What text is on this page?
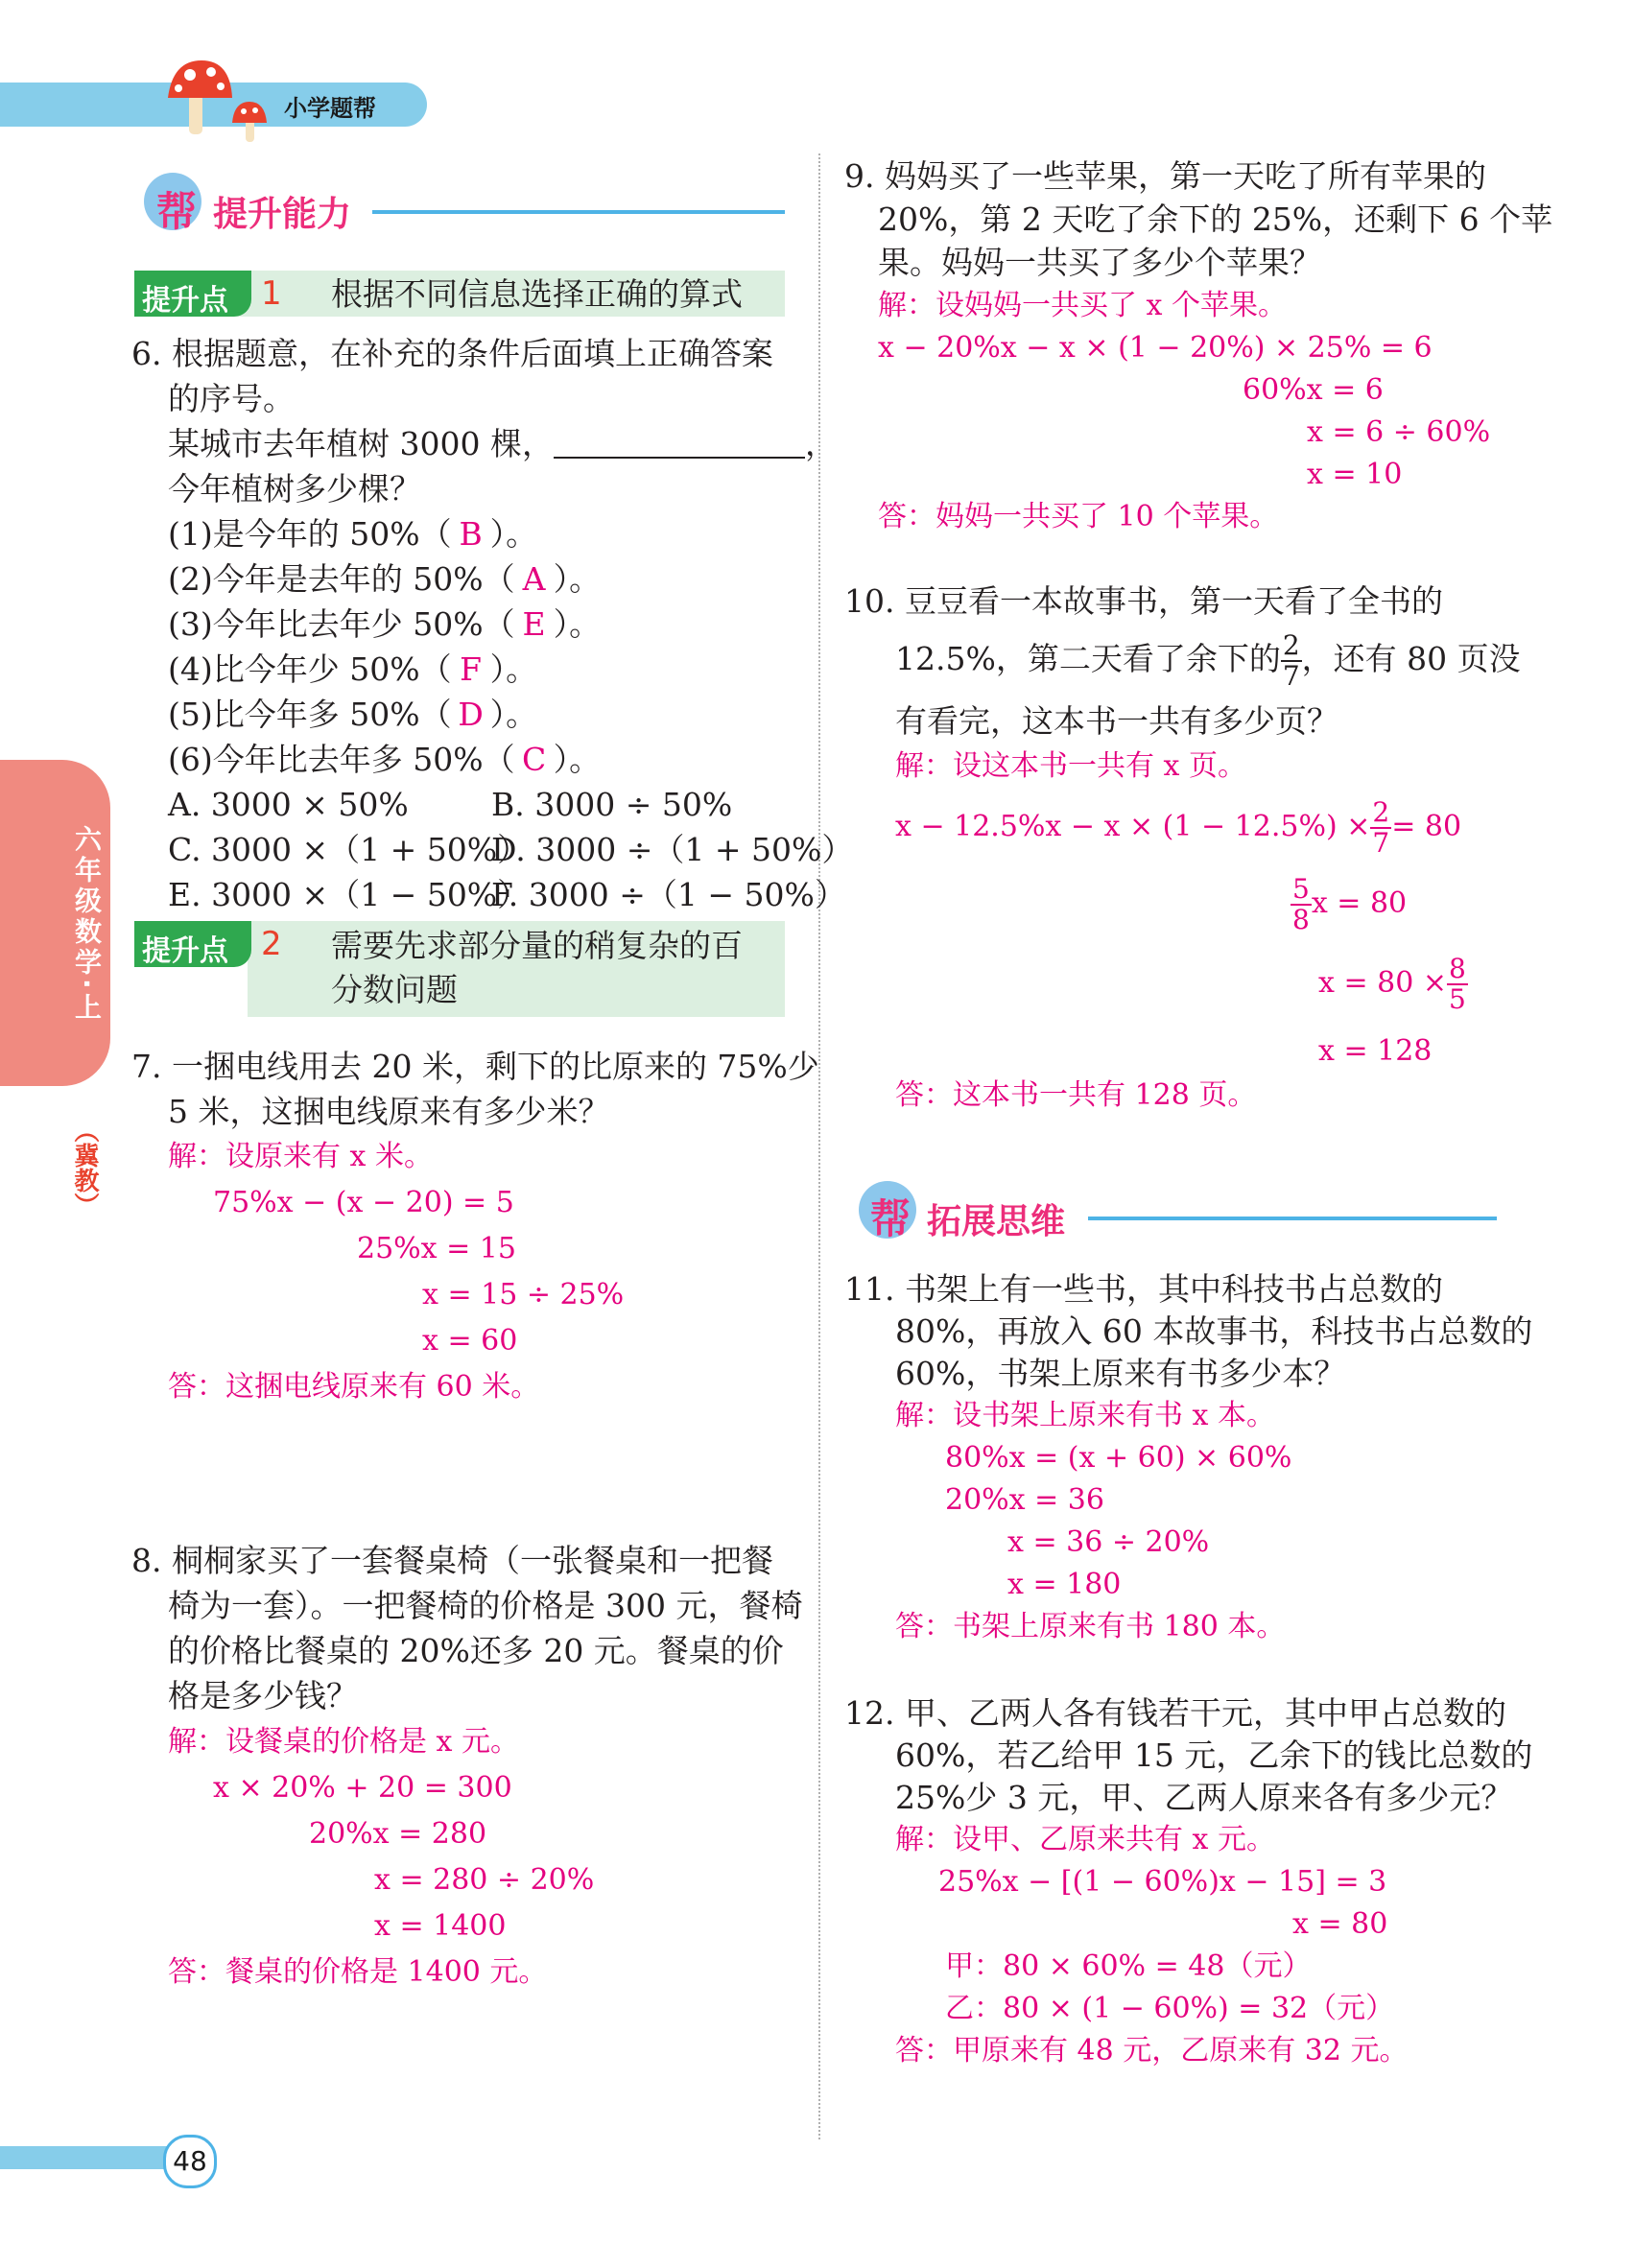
小学题帮
六年级数学·上
（冀教）
帮 提升能力
提升点 1 根据不同信息选择正确的算式
6. 根据题意，在补充的条件后面填上正确答案
的序号。
某城市去年植树 3000 棵，	，
今年植树多少棵？
(1)是今年的 50%（ B ）。
(2)今年是去年的 50%（ A ）。
(3)今年比去年少 50%（ E ）。
(4)比今年少 50%（ F ）。
(5)比今年多 50%（ D ）。
(6)今年比去年多 50%（ C ）。
A. 3000 × 50%	B. 3000 ÷ 50%
C. 3000 ×（1 + 50%）
D. 3000 ÷（1 + 50%）
E. 3000 ×（1 − 50%）
F. 3000 ÷（1 − 50%）
提升点 2 需要先求部分量的稍复杂的百
分数问题
7. 一捆电线用去 20 米，剩下的比原来的 75%少
5 米，这捆电线原来有多少米？
解：设原来有 x 米。
75%x − (x − 20) = 5
25%x = 15
x = 15 ÷ 25%
x = 60
答：这捆电线原来有 60 米。
8. 桐桐家买了一套餐桌椅（一张餐桌和一把餐
椅为一套）。一把餐椅的价格是 300 元，餐椅
的价格比餐桌的 20%还多 20 元。餐桌的价
格是多少钱？
解：设餐桌的价格是 x 元。
x × 20% + 20 = 300
20%x = 280
x = 280 ÷ 20%
x = 1400
答：餐桌的价格是 1400 元。
9. 妈妈买了一些苹果，第一天吃了所有苹果的
20%，第 2 天吃了余下的 25%，还剩下 6 个苹
果。妈妈一共买了多少个苹果？
解：设妈妈一共买了 x 个苹果。
x − 20%x − x × (1 − 20%) × 25% = 6
60%x = 6
x = 6 ÷ 60%
x = 10
答：妈妈一共买了 10 个苹果。
10. 豆豆看一本故事书，第一天看了全书的
12.5%，第二天看了余下的 $\frac{2}{7}$ ，还有 80 页没
有看完，这本书一共有多少页？
解：设这本书一共有 x 页。
$x - 12.5\%x - x \times (1 - 12.5\%) \times \frac{2}{7} = 80$
$\frac{5}{8}$ x = 80
$x = 80 \times \frac{8}{5}$
x = 128
答：这本书一共有 128 页。
帮 拓展思维
11. 书架上有一些书，其中科技书占总数的
80%，再放入 60 本故事书，科技书占总数的
60%，书架上原来有书多少本？
解：设书架上原来有书 x 本。
80%x = (x + 60) × 60%
20%x = 36
x = 36 ÷ 20%
x = 180
答：书架上原来有书 180 本。
12. 甲、乙两人各有钱若干元，其中甲占总数的
60%，若乙给甲 15 元，乙余下的钱比总数的
25%少 3 元，甲、乙两人原来各有多少元？
解：设甲、乙原来共有 x 元。
25%x − [(1 − 60%)x − 15] = 3
x = 80
甲：80 × 60% = 48（元）
乙：80 × (1 − 60%) = 32（元）
答：甲原来有 48 元，乙原来有 32 元。
48
